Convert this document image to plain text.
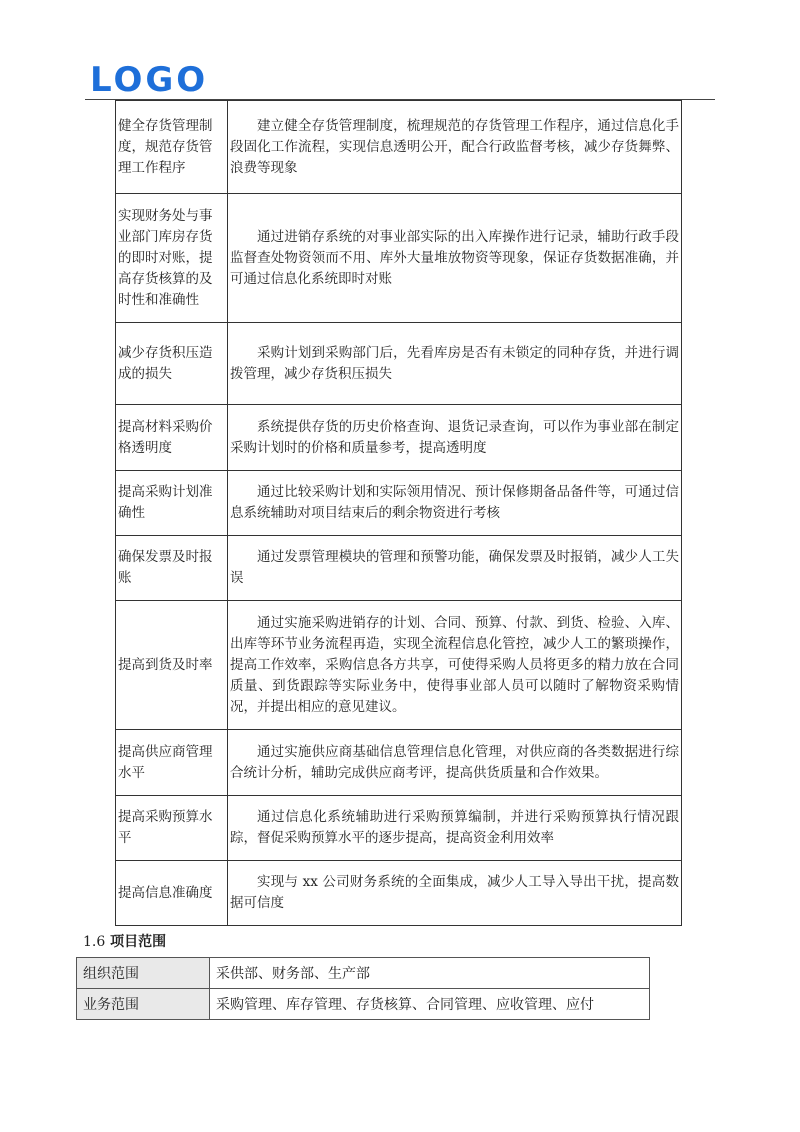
LOGO
健全存货管理制度，规范存货管理工作程序	建立健全存货管理制度，梳理规范的存货管理工作程序，通过信息化手段固化工作流程，实现信息透明公开，配合行政监督考核，减少存货舞弊、浪费等现象

实现财务处与事业部门库房存货的即时对账，提高存货核算的及时性和准确性	通过进销存系统的对事业部实际的出入库操作进行记录，辅助行政手段监督查处物资领而不用、库外大量堆放物资等现象，保证存货数据准确，并可通过信息化系统即时对账

减少存货积压造成的损失	采购计划到采购部门后，先看库房是否有未锁定的同种存货，并进行调拨管理，减少存货积压损失

提高材料采购价格透明度	系统提供存货的历史价格查询、退货记录查询，可以作为事业部在制定采购计划时的价格和质量参考，提高透明度

提高采购计划准确性	通过比较采购计划和实际领用情况、预计保修期备品备件等，可通过信息系统辅助对项目结束后的剩余物资进行考核

确保发票及时报账	通过发票管理模块的管理和预警功能，确保发票及时报销，减少人工失误

提高到货及时率	通过实施采购进销存的计划、合同、预算、付款、到货、检验、入库、出库等环节业务流程再造，实现全流程信息化管控，减少人工的繁琐操作，提高工作效率，采购信息各方共享，可使得采购人员将更多的精力放在合同质量、到货跟踪等实际业务中，使得事业部人员可以随时了解物资采购情况，并提出相应的意见建议。

提高供应商管理水平	通过实施供应商基础信息管理信息化管理，对供应商的各类数据进行综合统计分析，辅助完成供应商考评，提高供货质量和合作效果。

提高采购预算水平	通过信息化系统辅助进行采购预算编制，并进行采购预算执行情况跟踪，督促采购预算水平的逐步提高，提高资金利用效率

提高信息准确度	实现与 xx 公司财务系统的全面集成，减少人工导入导出干扰，提高数据可信度
1.6 项目范围
组织范围	采供部、财务部、生产部
业务范围	采购管理、库存管理、存货核算、合同管理、应收管理、应付
